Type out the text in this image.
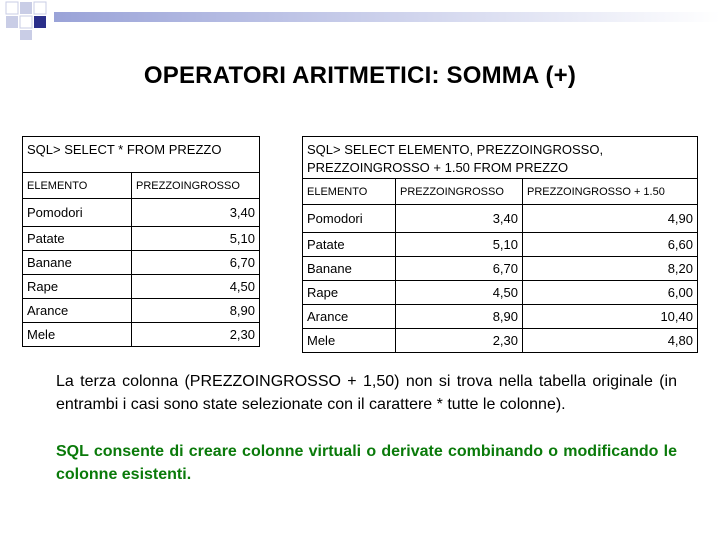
OPERATORI ARITMETICI: SOMMA (+)
SQL> SELECT * FROM PREZZO	
ELEMENTO	PREZZOINGROSSO
Pomodori	3,40
Patate	5,10
Banane	6,70
Rape	4,50
Arance	8,90
Mele	2,30
SQL> SELECT ELEMENTO, PREZZOINGROSSO,
PREZZOINGROSSO + 1.50 FROM PREZZO		

ELEMENTO	PREZZOINGROSSO	PREZZOINGROSSO + 1.50
Pomodori	3,40	4,90
Patate	5,10	6,60
Banane	6,70	8,20
Rape	4,50	6,00
Arance	8,90	10,40
Mele	2,30	4,80
La terza colonna (PREZZOINGROSSO + 1,50) non si trova nella tabella originale (in entrambi i casi sono state selezionate con il carattere * tutte le colonne).
SQL consente di creare colonne virtuali o derivate combinando o modificando le colonne esistenti.
